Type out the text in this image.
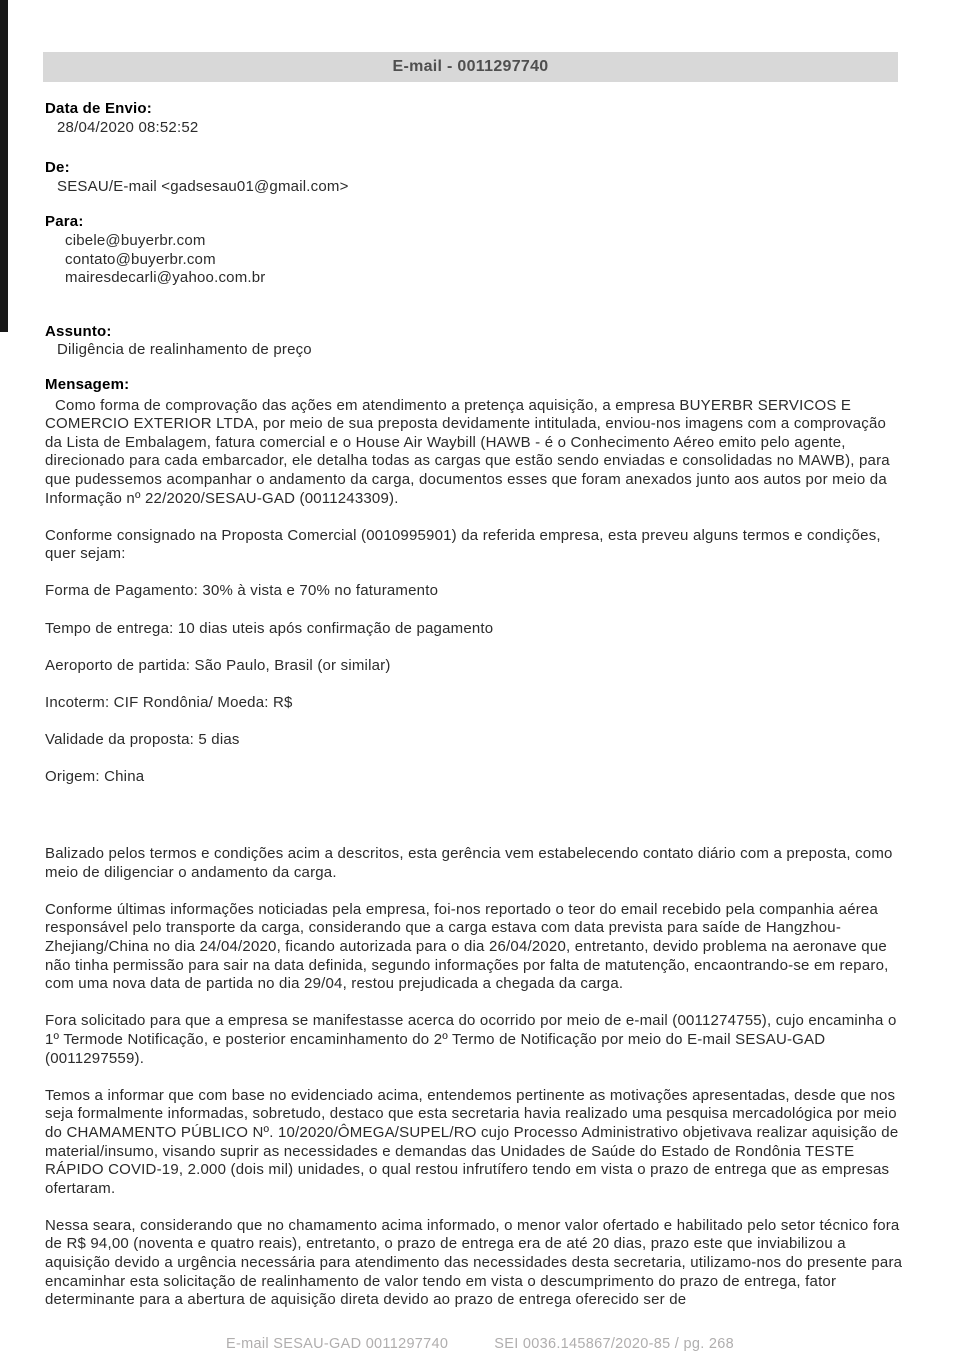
E-mail - 0011297740
Data de Envio:
28/04/2020 08:52:52
De:
SESAU/E-mail <gadsesau01@gmail.com>
Para:
cibele@buyerbr.com
contato@buyerbr.com
mairesdecarli@yahoo.com.br
Assunto:
Diligência de realinhamento de preço
Mensagem:

Como forma de comprovação das ações em atendimento a pretença aquisição, a empresa BUYERBR SERVICOS E COMERCIO EXTERIOR LTDA, por meio de sua preposta devidamente intitulada, enviou-nos imagens com a comprovação da Lista de Embalagem, fatura comercial e o House Air Waybill (HAWB - é o Conhecimento Aéreo emito pelo agente, direcionado para cada embarcador, ele detalha todas as cargas que estão sendo enviadas e consolidadas no MAWB), para que pudessemos acompanhar o andamento da carga, documentos esses que foram anexados junto aos autos por meio da Informação nº 22/2020/SESAU-GAD (0011243309).

Conforme consignado na Proposta Comercial (0010995901) da referida empresa, esta preveu alguns termos e condições, quer sejam:

Forma de Pagamento: 30% à vista e 70% no faturamento

Tempo de entrega: 10 dias uteis após confirmação de pagamento

Aeroporto de partida: São Paulo, Brasil (or similar)

Incoterm: CIF Rondônia/ Moeda: R$

Validade da proposta: 5 dias

Origem: China

Balizado pelos termos e condições acim a descritos, esta gerência vem estabelecendo contato diário com a preposta, como meio de diligenciar o andamento da carga.

Conforme últimas informações noticiadas pela empresa, foi-nos reportado o teor do email recebido pela companhia aérea responsável pelo transporte da carga, considerando que a carga estava com data prevista para saíde de Hangzhou-Zhejiang/China no dia 24/04/2020, ficando autorizada para o dia 26/04/2020, entretanto, devido problema na aeronave que não tinha permissão para sair na data definida, segundo informações por falta de matutenção, encaontrando-se em reparo, com uma nova data de partida no dia 29/04, restou prejudicada a chegada da carga.

Fora solicitado para que a empresa se manifestasse acerca do ocorrido por meio de e-mail (0011274755), cujo encaminha o 1º Termode Notificação, e posterior encaminhamento do 2º Termo de Notificação por meio do E-mail SESAU-GAD (0011297559).

Temos a informar que com base no evidenciado acima, entendemos pertinente as motivações apresentadas, desde que nos seja formalmente informadas, sobretudo, destaco que esta secretaria havia realizado uma pesquisa mercadológica por meio do CHAMAMENTO PÚBLICO Nº. 10/2020/ÔMEGA/SUPEL/RO cujo Processo Administrativo objetivava realizar aquisição de material/insumo, visando suprir as necessidades e demandas das Unidades de Saúde do Estado de Rondônia TESTE RÁPIDO COVID-19, 2.000 (dois mil) unidades, o qual restou infrutífero tendo em vista o prazo de entrega que as empresas ofertaram.

Nessa seara, considerando que no chamamento acima informado, o menor valor ofertado e habilitado pelo setor técnico fora de R$ 94,00 (noventa e quatro reais), entretanto, o prazo de entrega era de até 20 dias, prazo este que inviabilizou a aquisição devido a urgência necessária para atendimento das necessidades desta secretaria, utilizamo-nos do presente para encaminhar esta solicitação de realinhamento de valor tendo em vista o descumprimento do prazo de entrega, fator determinante para a abertura de aquisição direta devido ao prazo de entrega oferecido ser de

E-mail SESAU-GAD 0011297740	SEI 0036.145867/2020-85 / pg. 268
